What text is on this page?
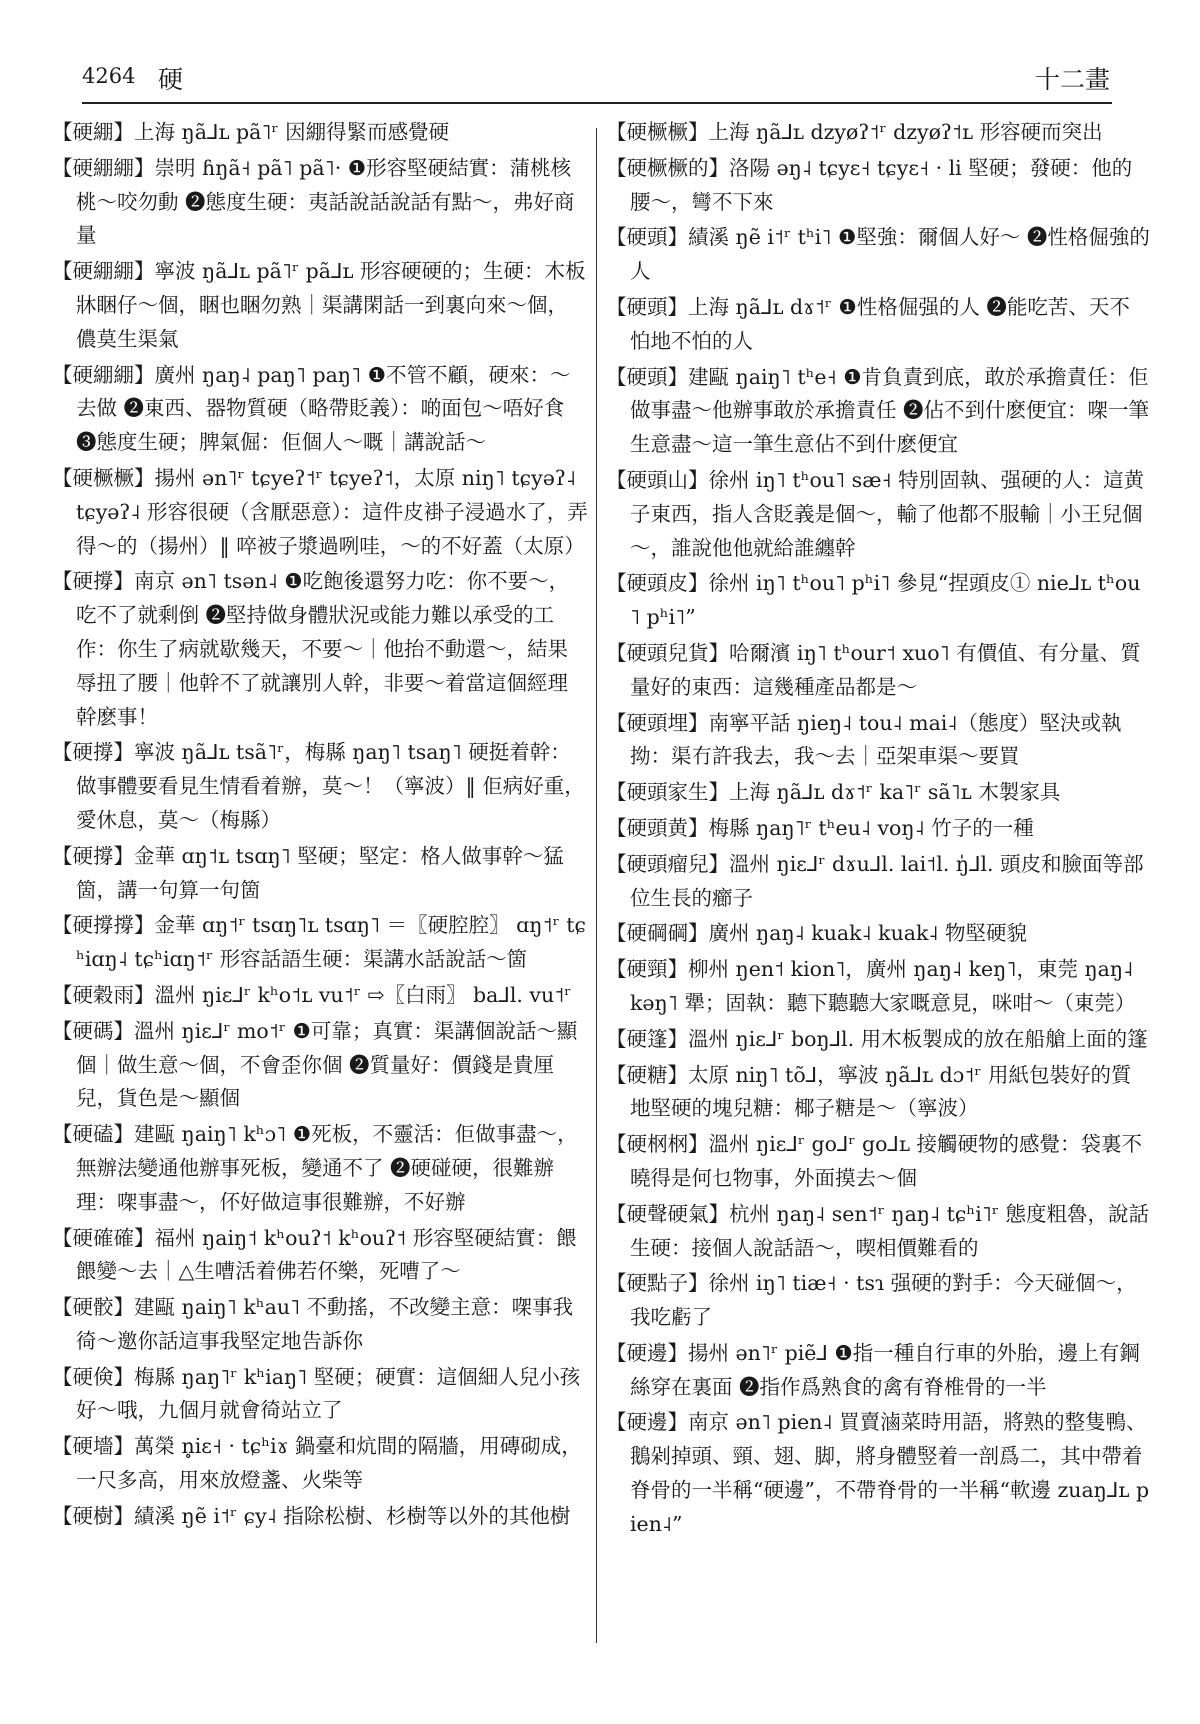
4264 硬	十二畫
【硬綳】上海 ŋã⅃ʟ pã˥ʳ 因綳得緊而感覺硬
【硬綳綳】崇明 ɦŋã˧ pã˥ pã˥· ❶形容堅硬結實：蒲桃核桃～咬勿動 ❷態度生硬：夷話說話說話有點～，弗好商量
【硬綳綳】寧波 ŋã⅃ʟ pã˥ʳ pã⅃ʟ 形容硬硬的；生硬：木板牀睏仔～個，睏也睏勿熟｜渠講閑話一到裏向來～個，儂莫生渠氣
【硬綳綳】廣州 ŋaŋ˨ paŋ˥ paŋ˥ ❶不管不顧，硬來：～去做 ❷東西、器物質硬（略帶貶義）：啲面包～唔好食 ❸態度生硬；脾氣倔：佢個人～嘅｜講說話～
【硬橛橛】揚州 ən˥ʳ tɕyeʔ˦ʳ tɕyeʔ˦，太原 niŋ˥ tɕyəʔ˨ tɕyəʔ˨ 形容很硬（含厭惡意）：這件皮褂子浸過水了，弄得～的（揚州）‖ 啐被子漿過咧哇，～的不好蓋（太原）
【硬撐】南京 ən˥ tsən˨ ❶吃飽後還努力吃：你不要～，吃不了就剩倒 ❷堅持做身體狀況或能力難以承受的工作：你生了病就歇幾天，不要～｜他抬不動還～，結果辱扭了腰｜他幹不了就讓別人幹，非要～着當這個經理幹麽事！
【硬撐】寧波 ŋã⅃ʟ tsã˥ʳ，梅縣 ŋaŋ˥ tsaŋ˥ 硬挺着幹：做事體要看見生情看着辦，莫～！（寧波）‖ 佢病好重，愛休息，莫～（梅縣）
【硬撐】金華 ɑŋ˦ʟ tsɑŋ˥ 堅硬；堅定：格人做事幹～猛箇，講一句算一句箇
【硬撐撐】金華 ɑŋ˦ʳ tsɑŋ˥ʟ tsɑŋ˥ ＝〖硬腔腔〗 ɑŋ˦ʳ tɕʰiɑŋ˨ tɕʰiɑŋ˦ʳ 形容話語生硬：渠講水話說話～箇
【硬穀雨】溫州 ŋiɛ⅃ʳ kʰo˦ʟ vu˦ʳ ⇨〖白雨〗 ba⅃l. vu˦ʳ
【硬碼】溫州 ŋiɛ⅃ʳ mo˦ʳ ❶可靠；真實：渠講個說話～顯個｜做生意～個，不會歪你個 ❷質量好：價錢是貴厘兒，貨色是～顯個
【硬磕】建甌 ŋaiŋ˥ kʰɔ˥ ❶死板，不靈活：佢做事盡～，無辦法變通他辦事死板，變通不了 ❷硬碰硬，很難辦理：㗎事盡～，伓好做這事很難辦，不好辦
【硬確確】福州 ŋaiŋ˦ kʰouʔ˦ kʰouʔ˦ 形容堅硬結實：餵餵變～去｜△生嘈活着佛若伓樂，死嘈了～
【硬骹】建甌 ŋaiŋ˥ kʰau˥ 不動搖，不改變主意：㗎事我徛～邀你話這事我堅定地告訴你
【硬倹】梅縣 ŋaŋ˥ʳ kʰiaŋ˥ 堅硬；硬實：這個細人兒小孩好～哦，九個月就會徛站立了
【硬墻】萬榮 n̥iɛ˧ · tɕʰiɤ 鍋臺和炕間的隔牆，用磚砌成，一尺多高，用來放燈盞、火柴等
【硬樹】績溪 ŋẽ i˦ʳ ɕy˨ 指除松樹、杉樹等以外的其他樹
【硬橛橛】上海 ŋã⅃ʟ dzyøʔ˦ʳ dzyøʔ˦ʟ 形容硬而突出
【硬橛橛的】洛陽 əŋ˨ tɕyɛ˧ tɕyɛ˧ · li 堅硬；發硬：他的腰～，彎不下來
【硬頭】績溪 ŋẽ i˦ʳ tʰi˥ ❶堅強：爾個人好～ ❷性格倔強的人
【硬頭】上海 ŋã⅃ʟ dɤ˦ʳ ❶性格倔强的人 ❷能吃苦、天不怕地不怕的人
【硬頭】建甌 ŋaiŋ˥ tʰe˧ ❶肯負責到底，敢於承擔責任：佢做事盡～他辦事敢於承擔責任 ❷佔不到什麽便宜：㗎一筆生意盡～這一筆生意佔不到什麽便宜
【硬頭山】徐州 iŋ˥ tʰou˥ sæ˧ 特別固執、强硬的人：這黄子東西，指人含貶義是個～，輸了他都不服輸｜小王兒個～，誰說他他就給誰纏幹
【硬頭皮】徐州 iŋ˥ tʰou˥ pʰi˥ 參見“捏頭皮① nie⅃ʟ tʰou˥ pʰi˥”
【硬頭兒貨】哈爾濱 iŋ˥ tʰour˦ xuo˥ 有價值、有分量、質量好的東西：這幾種產品都是～
【硬頭埋】南寧平話 ŋieŋ˨ tou˨ mai˨（態度）堅決或執拗：渠冇許我去，我～去｜亞架車渠～要買
【硬頭家生】上海 ŋã⅃ʟ dɤ˦ʳ ka˥ʳ sã˥ʟ 木製家具
【硬頭黄】梅縣 ŋaŋ˥ʳ tʰeu˨ voŋ˨ 竹子的一種
【硬頭瘤兒】溫州 ŋiɛ⅃ʳ dɤu⅃l. lai˦l. ŋ̍⅃l. 頭皮和臉面等部位生長的癤子
【硬碙碙】廣州 ŋaŋ˨ kuak˨ kuak˨ 物堅硬貌
【硬頸】柳州 ŋen˦ kion˥，廣州 ŋaŋ˨ keŋ˥，東莞 ŋaŋ˨ kəŋ˥ 犟；固執：聽下聽聽大家嘅意見，咪咁～（東莞）
【硬篷】溫州 ŋiɛ⅃ʳ boŋ⅃l. 用木板製成的放在船艙上面的篷
【硬糖】太原 niŋ˥ tõ⅃，寧波 ŋã⅃ʟ dɔ˦ʳ 用紙包裝好的質地堅硬的塊兒糖：椰子糖是～（寧波）
【硬㭎㭎】溫州 ŋiɛ⅃ʳ go⅃ʳ go⅃ʟ 接觸硬物的感覺：袋裏不曉得是何乜物事，外面摸去～個
【硬聲硬氣】杭州 ŋaŋ˨ sen˦ʳ ŋaŋ˨ tɕʰi˥ʳ 態度粗魯，說話生硬：接個人說話語～，喫相價難看的
【硬點子】徐州 iŋ˥ tiæ˧ · tsɿ 强硬的對手：今天碰個～，我吃虧了
【硬邊】揚州 ən˥ʳ piẽ⅃ ❶指一種自行車的外胎，邊上有鋼絲穿在裏面 ❷指作爲熟食的禽有脊椎骨的一半
【硬邊】南京 ən˥ pien˨ 買賣滷菜時用語，將熟的整隻鴨、鵝剁掉頭、頸、翅、脚，將身體竪着一剖爲二，其中帶着脊骨的一半稱“硬邊”，不帶脊骨的一半稱“軟邊 zuaŋ⅃ʟ pien˨”
